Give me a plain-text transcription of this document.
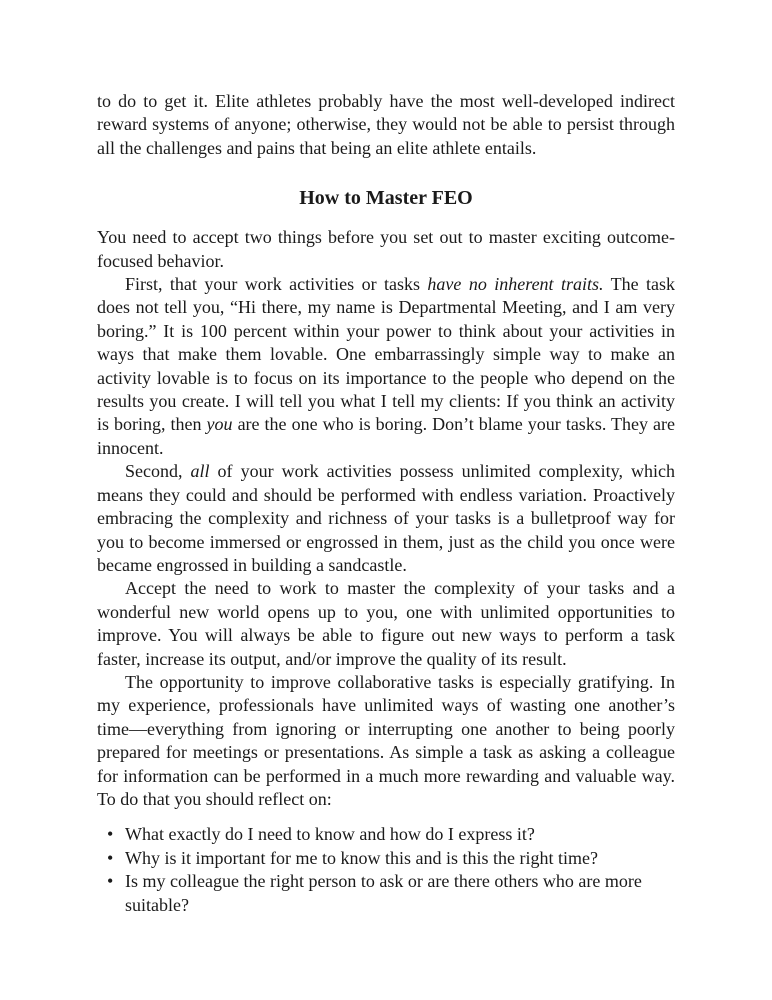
to do to get it. Elite athletes probably have the most well-developed indirect reward systems of anyone; otherwise, they would not be able to persist through all the challenges and pains that being an elite athlete entails.

How to Master FEO

You need to accept two things before you set out to master exciting outcome-focused behavior.

First, that your work activities or tasks have no inherent traits. The task does not tell you, “Hi there, my name is Departmental Meeting, and I am very boring.” It is 100 percent within your power to think about your activities in ways that make them lovable. One embarrassingly simple way to make an activity lovable is to focus on its importance to the people who depend on the results you create. I will tell you what I tell my clients: If you think an activity is boring, then you are the one who is boring. Don’t blame your tasks. They are innocent.

Second, all of your work activities possess unlimited complexity, which means they could and should be performed with endless variation. Proactively embracing the complexity and richness of your tasks is a bulletproof way for you to become immersed or engrossed in them, just as the child you once were became engrossed in building a sandcastle.

Accept the need to work to master the complexity of your tasks and a wonderful new world opens up to you, one with unlimited opportunities to improve. You will always be able to figure out new ways to perform a task faster, increase its output, and/or improve the quality of its result.

The opportunity to improve collaborative tasks is especially gratifying. In my experience, professionals have unlimited ways of wasting one another’s time—everything from ignoring or interrupting one another to being poorly prepared for meetings or presentations. As simple a task as asking a colleague for information can be performed in a much more rewarding and valuable way. To do that you should reflect on:

• What exactly do I need to know and how do I express it?
• Why is it important for me to know this and is this the right time?
• Is my colleague the right person to ask or are there others who are more suitable?
